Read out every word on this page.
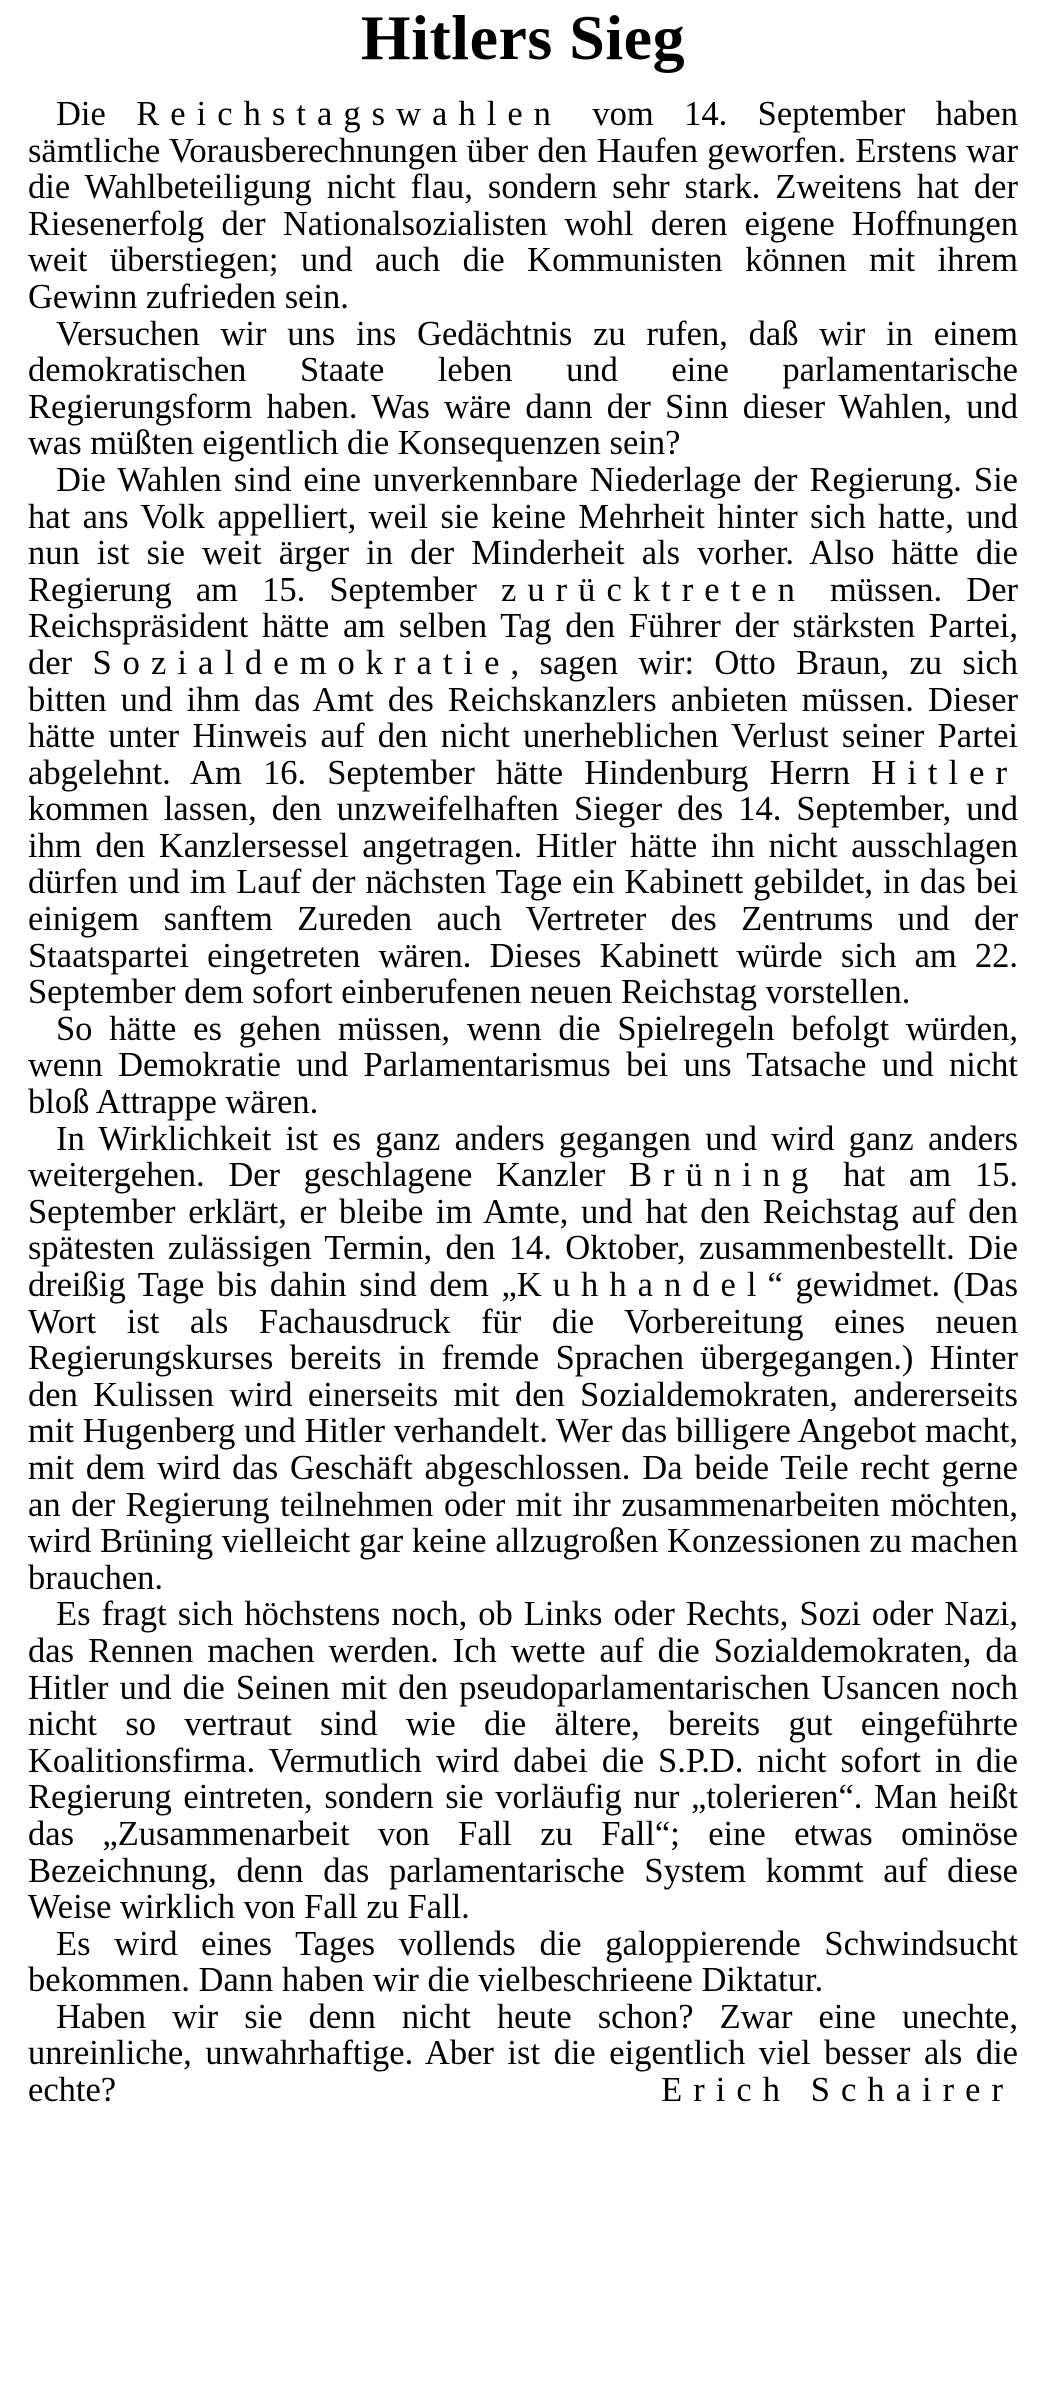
Hitlers Sieg

Die Reichstagswahlen vom 14. September haben sämtliche Vorausberechnungen über den Haufen geworfen. Erstens war die Wahlbeteiligung nicht flau, sondern sehr stark. Zweitens hat der Riesenerfolg der Nationalsozialisten wohl deren eigene Hoffnungen weit überstiegen; und auch die Kommunisten können mit ihrem Gewinn zufrieden sein.

Versuchen wir uns ins Gedächtnis zu rufen, daß wir in einem demokratischen Staate leben und eine parlamentarische Regierungsform haben. Was wäre dann der Sinn dieser Wahlen, und was müßten eigentlich die Konsequenzen sein?

Die Wahlen sind eine unverkennbare Niederlage der Regierung. Sie hat ans Volk appelliert, weil sie keine Mehrheit hinter sich hatte, und nun ist sie weit ärger in der Minderheit als vorher. Also hätte die Regierung am 15. September zurücktreten müssen. Der Reichspräsident hätte am selben Tag den Führer der stärksten Partei, der Sozialdemokratie, sagen wir: Otto Braun, zu sich bitten und ihm das Amt des Reichskanzlers anbieten müssen. Dieser hätte unter Hinweis auf den nicht unerheblichen Verlust seiner Partei abgelehnt. Am 16. September hätte Hindenburg Herrn Hitler kommen lassen, den unzweifelhaften Sieger des 14. September, und ihm den Kanzlersessel angetragen. Hitler hätte ihn nicht ausschlagen dürfen und im Lauf der nächsten Tage ein Kabinett gebildet, in das bei einigem sanftem Zureden auch Vertreter des Zentrums und der Staatspartei eingetreten wären. Dieses Kabinett würde sich am 22. September dem sofort einberufenen neuen Reichstag vorstellen.

So hätte es gehen müssen, wenn die Spielregeln befolgt würden, wenn Demokratie und Parlamentarismus bei uns Tatsache und nicht bloß Attrappe wären.

In Wirklichkeit ist es ganz anders gegangen und wird ganz anders weitergehen. Der geschlagene Kanzler Brüning hat am 15. September erklärt, er bleibe im Amte, und hat den Reichstag auf den spätesten zulässigen Termin, den 14. Oktober, zusammenbestellt. Die dreißig Tage bis dahin sind dem „Kuhhandel“ gewidmet. (Das Wort ist als Fachausdruck für die Vorbereitung eines neuen Regierungskurses bereits in fremde Sprachen übergegangen.) Hinter den Kulissen wird einerseits mit den Sozialdemokraten, andererseits mit Hugenberg und Hitler verhandelt. Wer das billigere Angebot macht, mit dem wird das Geschäft abgeschlossen. Da beide Teile recht gerne an der Regierung teilnehmen oder mit ihr zusammenarbeiten möchten, wird Brüning vielleicht gar keine allzugroßen Konzessionen zu machen brauchen.

Es fragt sich höchstens noch, ob Links oder Rechts, Sozi oder Nazi, das Rennen machen werden. Ich wette auf die Sozialdemokraten, da Hitler und die Seinen mit den pseudoparlamentarischen Usancen noch nicht so vertraut sind wie die ältere, bereits gut eingeführte Koalitionsfirma. Vermutlich wird dabei die S.P.D. nicht sofort in die Regierung eintreten, sondern sie vorläufig nur „tolerieren“. Man heißt das „Zusammenarbeit von Fall zu Fall“; eine etwas ominöse Bezeichnung, denn das parlamentarische System kommt auf diese Weise wirklich von Fall zu Fall.

Es wird eines Tages vollends die galoppierende Schwindsucht bekommen. Dann haben wir die vielbeschrieene Diktatur.

Haben wir sie denn nicht heute schon? Zwar eine unechte, unreinliche, unwahrhaftige. Aber ist die eigentlich viel besser als die echte?	Erich Schairer
